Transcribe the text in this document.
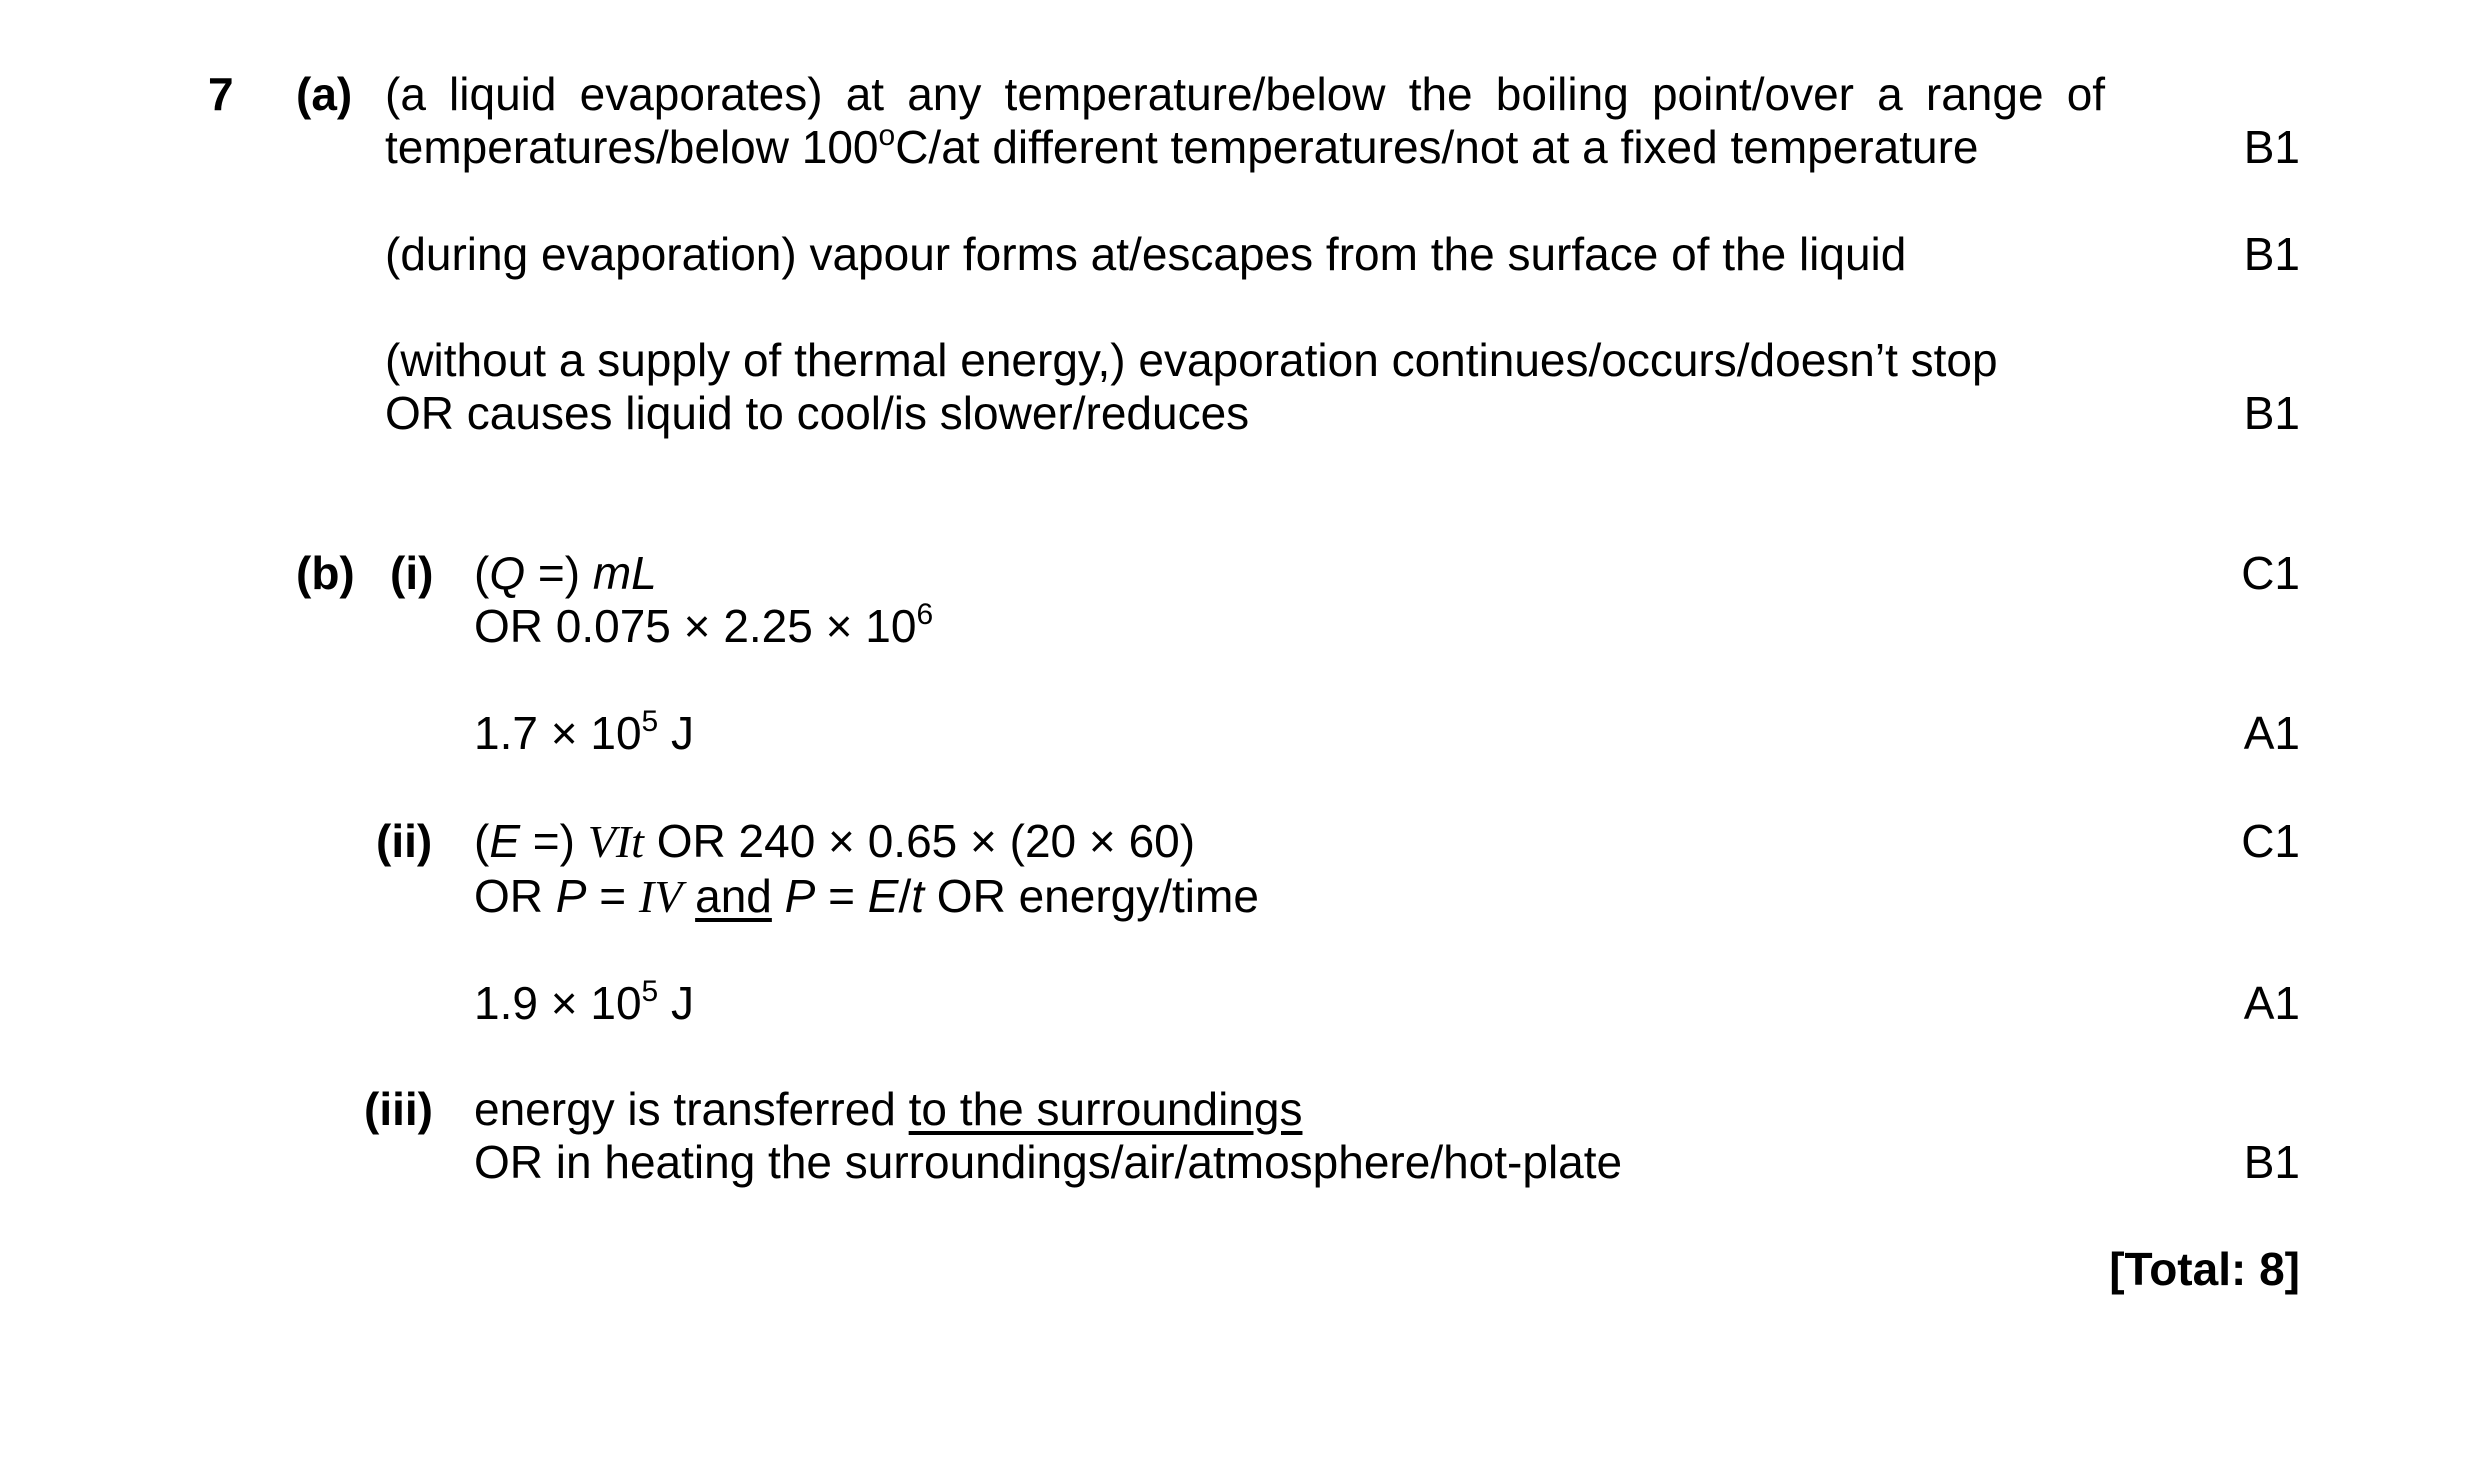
7 (a) (a liquid evaporates) at any temperature/below the boiling point/over a range of
temperatures/below 100$^o$C/at different temperatures/not at a fixed temperature	B1
(during evaporation) vapour forms at/escapes from the surface of the liquid	B1
(without a supply of thermal energy,) evaporation continues/occurs/doesn’t stop
OR causes liquid to cool/is slower/reduces	B1
(b) (i) (Q =) mL	C1
OR $0.075 \times 2.25 \times 10^6$
$1.7 \times 10^5$ J	A1
(ii) (E =) VIt OR 240 × 0.65 × (20 × 60)	C1
OR P = IV and P = E/t OR energy/time
$1.9 \times 10^5$ J	A1
(iii) energy is transferred to the surroundings
OR in heating the surroundings/air/atmosphere/hot-plate	B1
[Total: 8]
